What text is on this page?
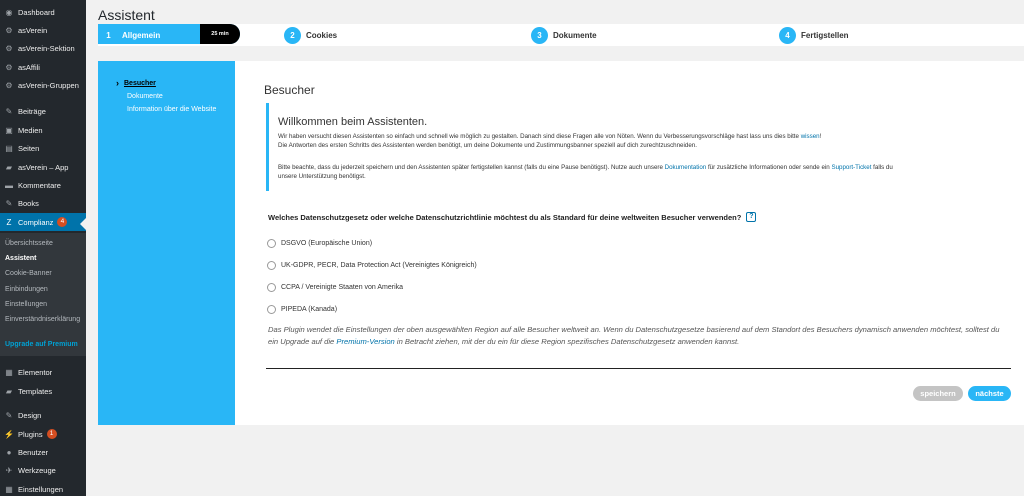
◉ Dashboard
⚙ asVerein
⚙ asVerein-Sektion
⚙ asAffili
⚙ asVerein-Gruppen
✎ Beiträge
▣ Medien
▤ Seiten
▰ asVerein – App
▬ Kommentare
✎ Books
Z Complianz	4
Übersichtsseite
Assistent
Cookie-Banner
Einbindungen
Einstellungen
Einverständniserklärung
Upgrade auf Premium
▦ Elementor
▰ Templates
✎ Design
⚡ Plugins	1
● Benutzer
✈ Werkzeuge
▦ Einstellungen
Assistent
25 min
1	Allgemein	2	Cookies	3	Dokumente	4	Fertigstellen
› Besucher
Dokumente
Information über die Website
Besucher
Willkommen beim Assistenten.
Wir haben versucht diesen Assistenten so einfach und schnell wie möglich zu gestalten. Danach sind diese Fragen alle von Nöten. Wenn du Verbesserungsvorschläge hast lass uns dies bitte wissen!
Die Antworten des ersten Schritts des Assistenten werden benötigt, um deine Dokumente und Zustimmungsbanner speziell auf dich zurechtzuschneiden.
Bitte beachte, dass du jederzeit speichern und den Assistenten später fertigstellen kannst (falls du eine Pause benötigst). Nutze auch unsere Dokumentation für zusätzliche Informationen oder sende ein Support-Ticket falls du
unsere Unterstützung benötigst.
Welches Datenschutzgesetz oder welche Datenschutzrichtlinie möchtest du als Standard für deine weltweiten Besucher verwenden?	?
DSGVO (Europäische Union)
UK-GDPR, PECR, Data Protection Act (Vereinigtes Königreich)
CCPA / Vereinigte Staaten von Amerika
PIPEDA (Kanada)
Das Plugin wendet die Einstellungen der oben ausgewählten Region auf alle Besucher weltweit an. Wenn du Datenschutzgesetze basierend auf dem Standort des Besuchers dynamisch anwenden möchtest, solltest du ein Upgrade auf die Premium-Version in Betracht ziehen, mit der du ein für diese Region spezifisches Datenschutzgesetz anwenden kannst.
speichern	nächste
